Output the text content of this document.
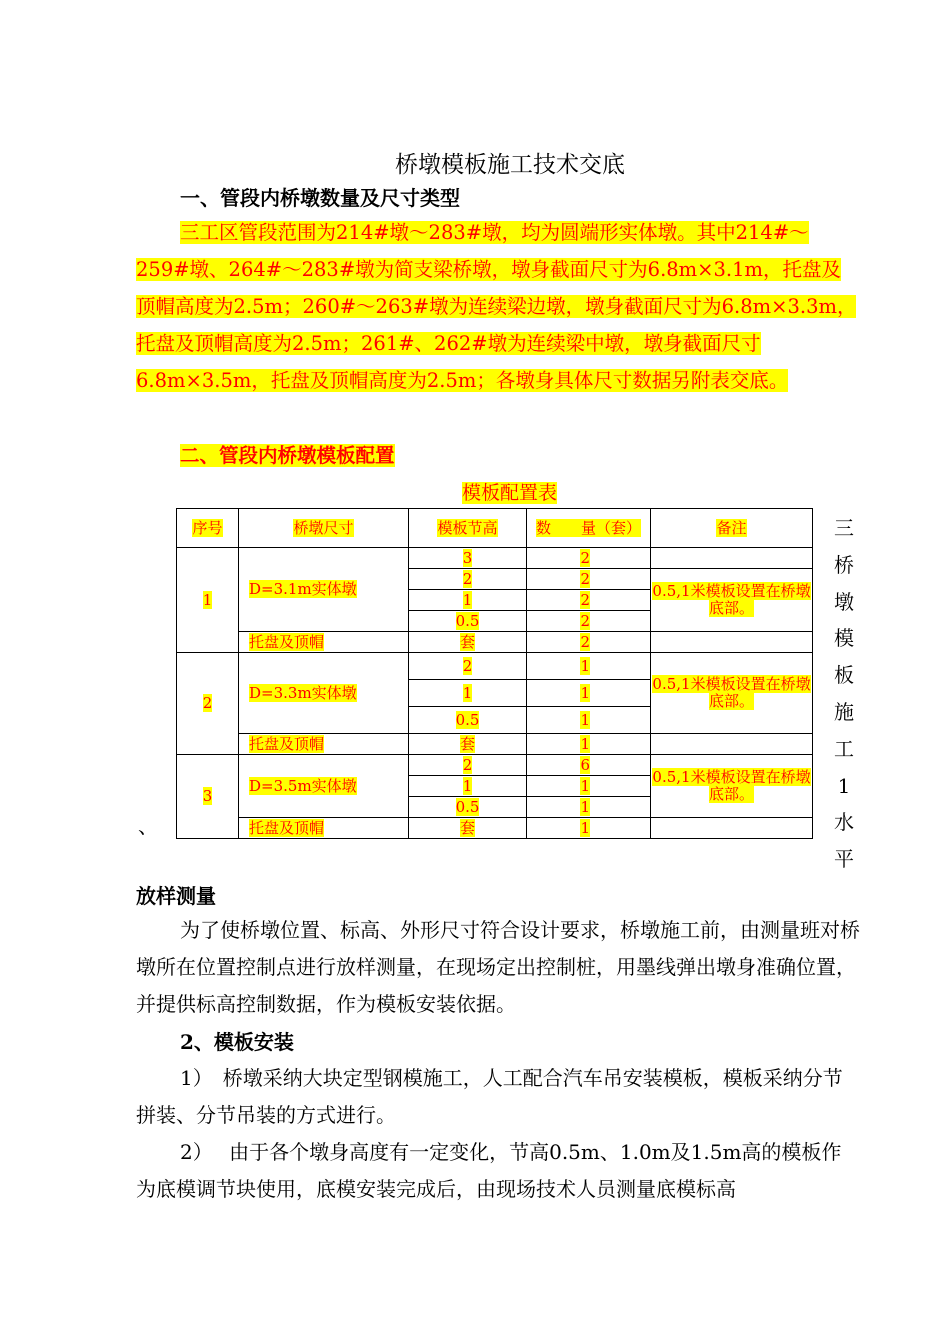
桥墩模板施工技术交底
一、管段内桥墩数量及尺寸类型
三工区管段范围为214#墩～283#墩，均为圆端形实体墩。其中214#～259#墩、264#～283#墩为简支梁桥墩，墩身截面尺寸为6.8m×3.1m，托盘及顶帽高度为2.5m；260#～263#墩为连续梁边墩，墩身截面尺寸为6.8m×3.3m，托盘及顶帽高度为2.5m；261#、262#墩为连续梁中墩，墩身截面尺寸6.8m×3.5m，托盘及顶帽高度为2.5m；各墩身具体尺寸数据另附表交底。
二、管段内桥墩模板配置
模板配置表
序号	桥墩尺寸	模板节高	数　　量（套）	备注
1	D=3.1m实体墩	3	2	
		2	2	0.5,1米模板设置在桥墩底部。
		1	2	
		0.5	2	
	托盘及顶帽	套	2	
2	D=3.3m实体墩	2	1	0.5,1米模板设置在桥墩底部。
		1	1	
		0.5	1	
	托盘及顶帽	套	1	
3	D=3.5m实体墩	2	6	0.5,1米模板设置在桥墩底部。
		1	1	
		0.5	1	
	托盘及顶帽	套	1	
三桥墩模板施工1水平
、
放样测量
为了使桥墩位置、标高、外形尺寸符合设计要求，桥墩施工前，由测量班对桥墩所在位置控制点进行放样测量，在现场定出控制桩，用墨线弹出墩身准确位置，并提供标高控制数据，作为模板安装依据。
2、模板安装
1）　 桥墩采纳大块定型钢模施工，人工配合汽车吊安装模板，模板采纳分节拼装、分节吊装的方式进行。
2）　 由于各个墩身高度有一定变化，节高0.5m、1.0m及1.5m高的模板作为底模调节块使用，底模安装完成后，由现场技术人员测量底模标高
